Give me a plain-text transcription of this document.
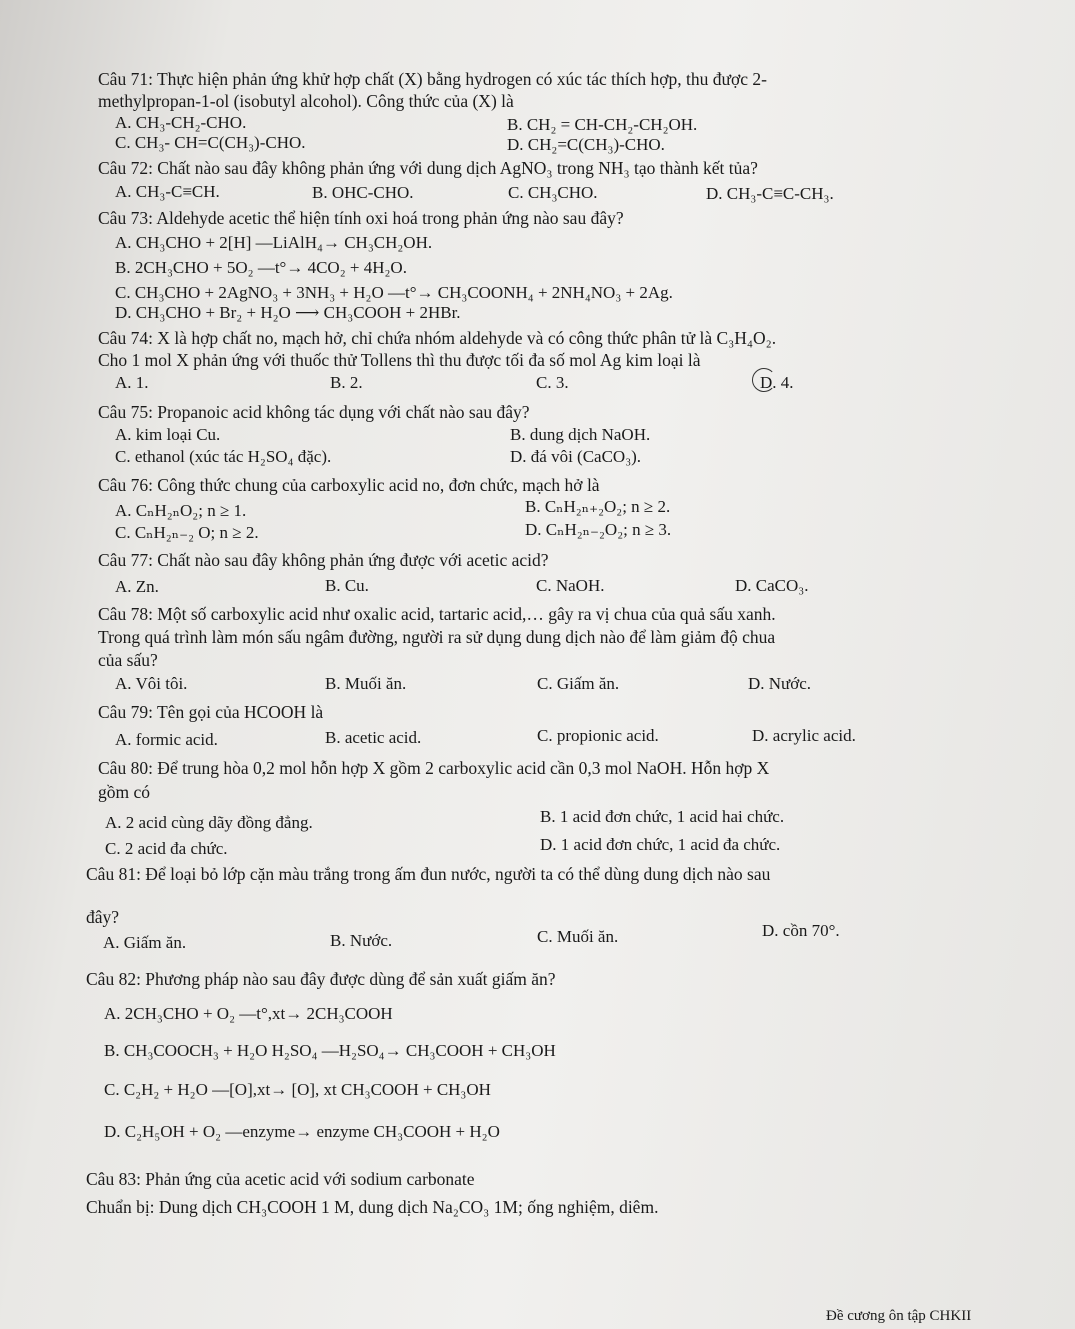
Câu 71: Thực hiện phản ứng khử hợp chất (X) bằng hydrogen có xúc tác thích hợp, thu được 2-
methylpropan-1-ol (isobutyl alcohol). Công thức của (X) là
A. CH₃-CH₂-CHO.	B. CH₂ = CH-CH₂-CH₂OH.
C. CH₃- CH=C(CH₃)-CHO.	D. CH₂=C(CH₃)-CHO.
Câu 72: Chất nào sau đây không phản ứng với dung dịch AgNO₃ trong NH₃ tạo thành kết tủa?
A. CH₃-C≡CH.	B. OHC-CHO.	C. CH₃CHO.	D. CH₃-C≡C-CH₃.
Câu 73: Aldehyde acetic thể hiện tính oxi hoá trong phản ứng nào sau đây?
A. CH₃CHO + 2[H] —LiAlH₄→ CH₃CH₂OH.
B. 2CH₃CHO + 5O₂ —t°→ 4CO₂ + 4H₂O.
C. CH₃CHO + 2AgNO₃ + 3NH₃ + H₂O —t°→ CH₃COONH₄ + 2NH₄NO₃ + 2Ag.
D. CH₃CHO + Br₂ + H₂O ⟶ CH₃COOH + 2HBr.
Câu 74: X là hợp chất no, mạch hở, chỉ chứa nhóm aldehyde và có công thức phân tử là C₃H₄O₂.
Cho 1 mol X phản ứng với thuốc thử Tollens thì thu được tối đa số mol Ag kim loại là
A. 1.	B. 2.	C. 3.	D. 4.
Câu 75: Propanoic acid không tác dụng với chất nào sau đây?
A. kim loại Cu.	B. dung dịch NaOH.
C. ethanol (xúc tác H₂SO₄ đặc).	D. đá vôi (CaCO₃).
Câu 76: Công thức chung của carboxylic acid no, đơn chức, mạch hở là
A. CₙH₂ₙO₂; n ≥ 1.	B. CₙH₂ₙ₊₂O₂; n ≥ 2.
C. CₙH₂ₙ₋₂ O; n ≥ 2.	D. CₙH₂ₙ₋₂O₂; n ≥ 3.
Câu 77: Chất nào sau đây không phản ứng được với acetic acid?
A. Zn.	B. Cu.	C. NaOH.	D. CaCO₃.
Câu 78: Một số carboxylic acid như oxalic acid, tartaric acid,… gây ra vị chua của quả sấu xanh.
Trong quá trình làm món sấu ngâm đường, người ra sử dụng dung dịch nào để làm giảm độ chua
của sấu?
A. Vôi tôi.	B. Muối ăn.	C. Giấm ăn.	D. Nước.
Câu 79: Tên gọi của HCOOH là
A. formic acid.	B. acetic acid.	C. propionic acid.	D. acrylic acid.
Câu 80: Để trung hòa 0,2 mol hỗn hợp X gồm 2 carboxylic acid cần 0,3 mol NaOH. Hỗn hợp X
gồm có
A. 2 acid cùng dãy đồng đẳng.	B. 1 acid đơn chức, 1 acid hai chức.
C. 2 acid đa chức.	D. 1 acid đơn chức, 1 acid đa chức.
Câu 81: Để loại bỏ lớp cặn màu trắng trong ấm đun nước, người ta có thể dùng dung dịch nào sau
đây?
A. Giấm ăn.	B. Nước.	C. Muối ăn.	D. cồn 70°.
Câu 82: Phương pháp nào sau đây được dùng để sản xuất giấm ăn?
A. 2CH₃CHO + O₂ —t°,xt→ 2CH₃COOH
B. CH₃COOCH₃ + H₂O H₂SO₄ —H₂SO₄→ CH₃COOH + CH₃OH
C. C₂H₂ + H₂O —[O],xt→ [O], xt CH₃COOH + CH₃OH
D. C₂H₅OH + O₂ —enzyme→ enzyme CH₃COOH + H₂O
Câu 83: Phản ứng của acetic acid với sodium carbonate
Chuẩn bị: Dung dịch CH₃COOH 1 M, dung dịch Na₂CO₃ 1M; ống nghiệm, diêm.
Đề cương ôn tập CHKII
